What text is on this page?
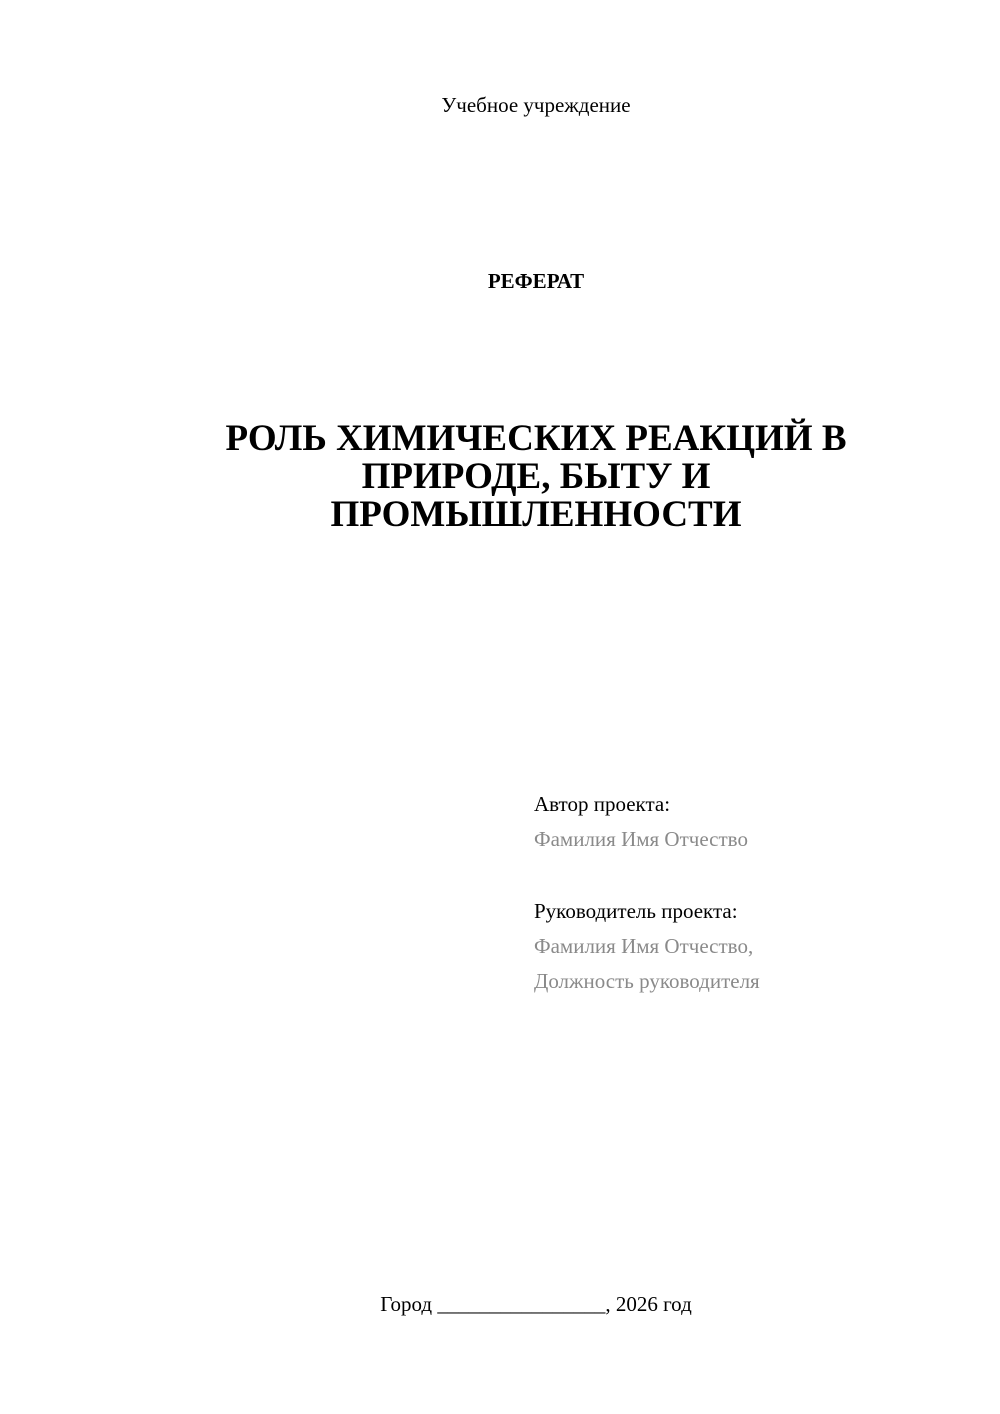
Учебное учреждение
РЕФЕРАТ
РОЛЬ ХИМИЧЕСКИХ РЕАКЦИЙ В
ПРИРОДЕ, БЫТУ И
ПРОМЫШЛЕННОСТИ
Автор проекта:
Фамилия Имя Отчество
Руководитель проекта:
Фамилия Имя Отчество,
Должность руководителя
Город ________________, 2026 год
